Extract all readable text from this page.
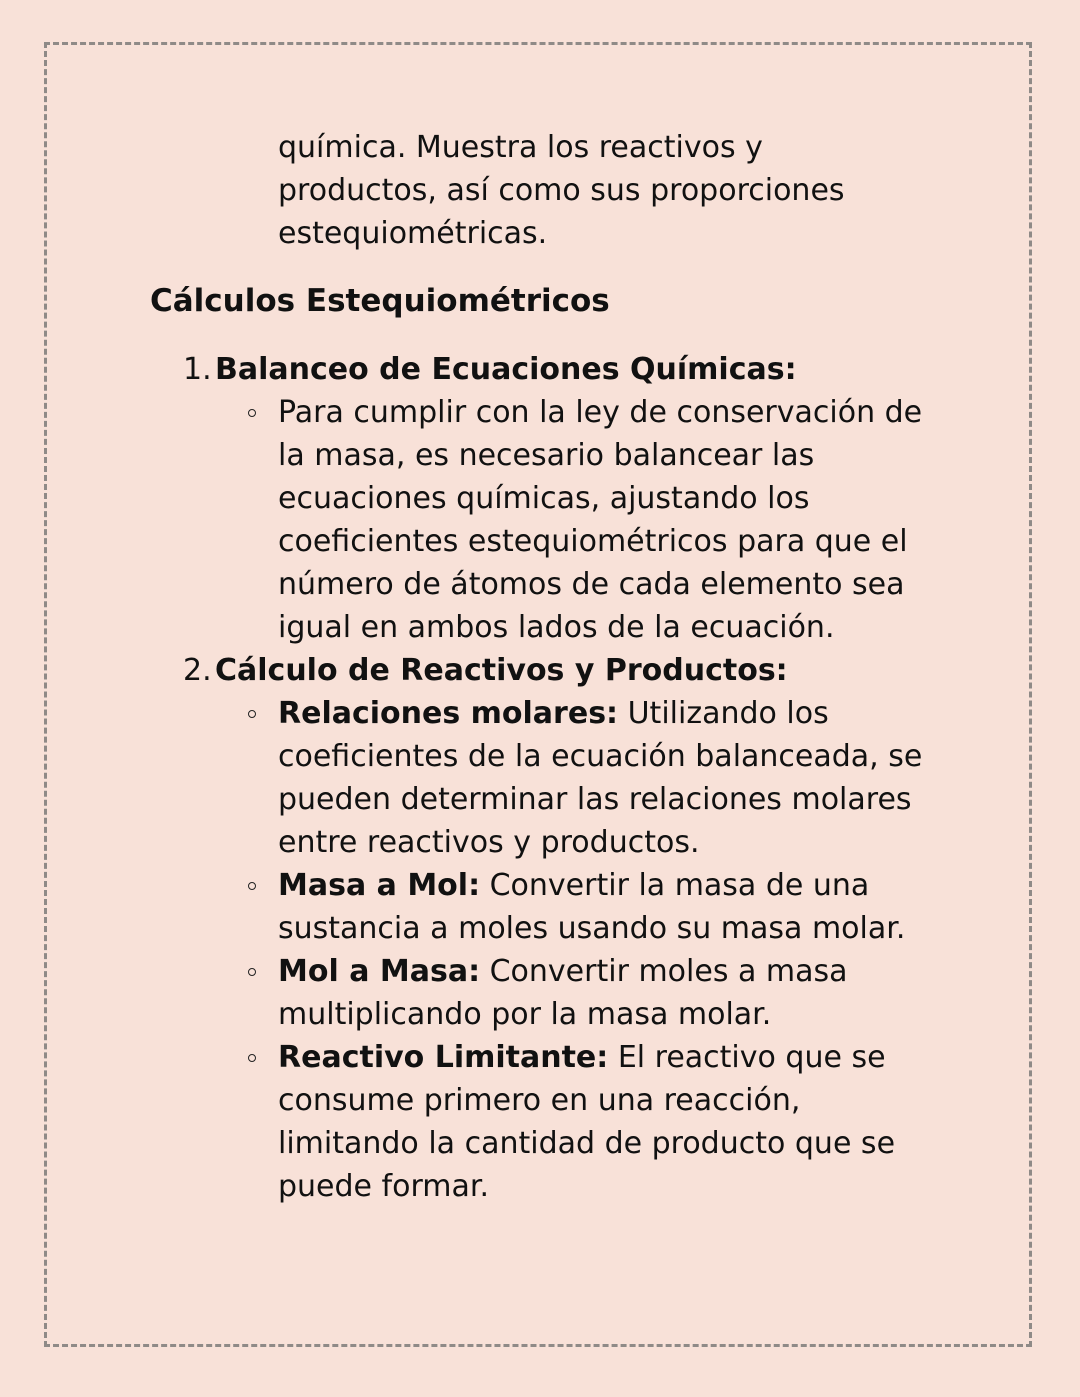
química. Muestra los reactivos y productos, así como sus proporciones estequiométricas.

Cálculos Estequiométricos
1. Balanceo de Ecuaciones Químicas:
Para cumplir con la ley de conservación de la masa, es necesario balancear las ecuaciones químicas, ajustando los coeficientes estequiométricos para que el número de átomos de cada elemento sea igual en ambos lados de la ecuación.
2. Cálculo de Reactivos y Productos:
Relaciones molares: Utilizando los coeficientes de la ecuación balanceada, se pueden determinar las relaciones molares entre reactivos y productos.
Masa a Mol: Convertir la masa de una sustancia a moles usando su masa molar.
Mol a Masa: Convertir moles a masa multiplicando por la masa molar.
Reactivo Limitante: El reactivo que se consume primero en una reacción, limitando la cantidad de producto que se puede formar.
